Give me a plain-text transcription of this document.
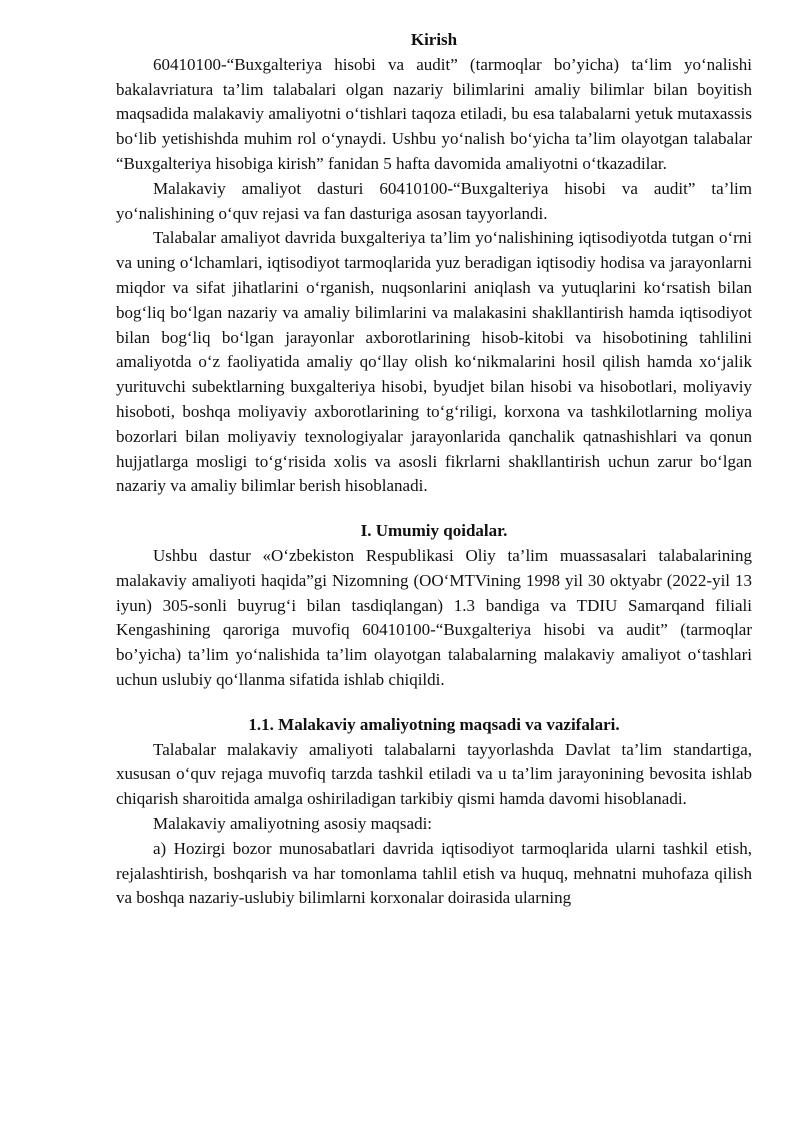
Kirish

60410100-“Buxgalteriya hisobi va audit” (tarmoqlar bo’yicha) ta‘lim yo‘nalishi bakalavriatura ta’lim talabalari olgan nazariy bilimlarini amaliy bilimlar bilan boyitish maqsadida malakaviy amaliyotni o‘tishlari taqoza etiladi, bu esa talabalarni yetuk mutaxassis bo‘lib yetishishda muhim rol o‘ynaydi. Ushbu yo‘nalish bo‘yicha ta’lim olayotgan talabalar “Buxgalteriya hisobiga kirish” fanidan 5 hafta davomida amaliyotni o‘tkazadilar.

Malakaviy amaliyot dasturi 60410100-“Buxgalteriya hisobi va audit” ta’lim yo‘nalishining o‘quv rejasi va fan dasturiga asosan tayyorlandi.

Talabalar amaliyot davrida buxgalteriya ta’lim yo‘nalishining iqtisodiyotda tutgan o‘rni va uning o‘lchamlari, iqtisodiyot tarmoqlarida yuz beradigan iqtisodiy hodisa va jarayonlarni miqdor va sifat jihatlarini o‘rganish, nuqsonlarini aniqlash va yutuqlarini ko‘rsatish bilan bog‘liq bo‘lgan nazariy va amaliy bilimlarini va malakasini shakllantirish hamda iqtisodiyot bilan bog‘liq bo‘lgan jarayonlar axborotlarining hisob-kitobi va hisobotining tahlilini amaliyotda o‘z faoliyatida amaliy qo‘llay olish ko‘nikmalarini hosil qilish hamda xo‘jalik yurituvchi subektlarning buxgalteriya hisobi, byudjet bilan hisobi va hisobotlari, moliyaviy hisoboti, boshqa moliyaviy axborotlarining to‘g‘riligi, korxona va tashkilotlarning moliya bozorlari bilan moliyaviy texnologiyalar jarayonlarida qanchalik qatnashishlari va qonun hujjatlarga mosligi to‘g‘risida xolis va asosli fikrlarni shakllantirish uchun zarur bo‘lgan nazariy va amaliy bilimlar berish hisoblanadi.

I. Umumiy qoidalar.

Ushbu dastur «O‘zbekiston Respublikasi Oliy ta’lim muassasalari talabalarining malakaviy amaliyoti haqida”gi Nizomning (OO‘MTVining 1998 yil 30 oktyabr (2022-yil 13 iyun) 305-sonli buyrug‘i bilan tasdiqlangan) 1.3 bandiga va TDIU Samarqand filiali Kengashining qaroriga muvofiq 60410100-“Buxgalteriya hisobi va audit” (tarmoqlar bo’yicha) ta’lim yo‘nalishida ta’lim olayotgan talabalarning malakaviy amaliyot o‘tashlari uchun uslubiy qo‘llanma sifatida ishlab chiqildi.

1.1. Malakaviy amaliyotning maqsadi va vazifalari.

Talabalar malakaviy amaliyoti talabalarni tayyorlashda Davlat ta’lim standartiga, xususan o‘quv rejaga muvofiq tarzda tashkil etiladi va u ta’lim jarayonining bevosita ishlab chiqarish sharoitida amalga oshiriladigan tarkibiy qismi hamda davomi hisoblanadi.

Malakaviy amaliyotning asosiy maqsadi:

a) Hozirgi bozor munosabatlari davrida iqtisodiyot tarmoqlarida ularni tashkil etish, rejalashtirish, boshqarish va har tomonlama tahlil etish va huquq, mehnatni muhofaza qilish va boshqa nazariy-uslubiy bilimlarni korxonalar doirasida ularning
